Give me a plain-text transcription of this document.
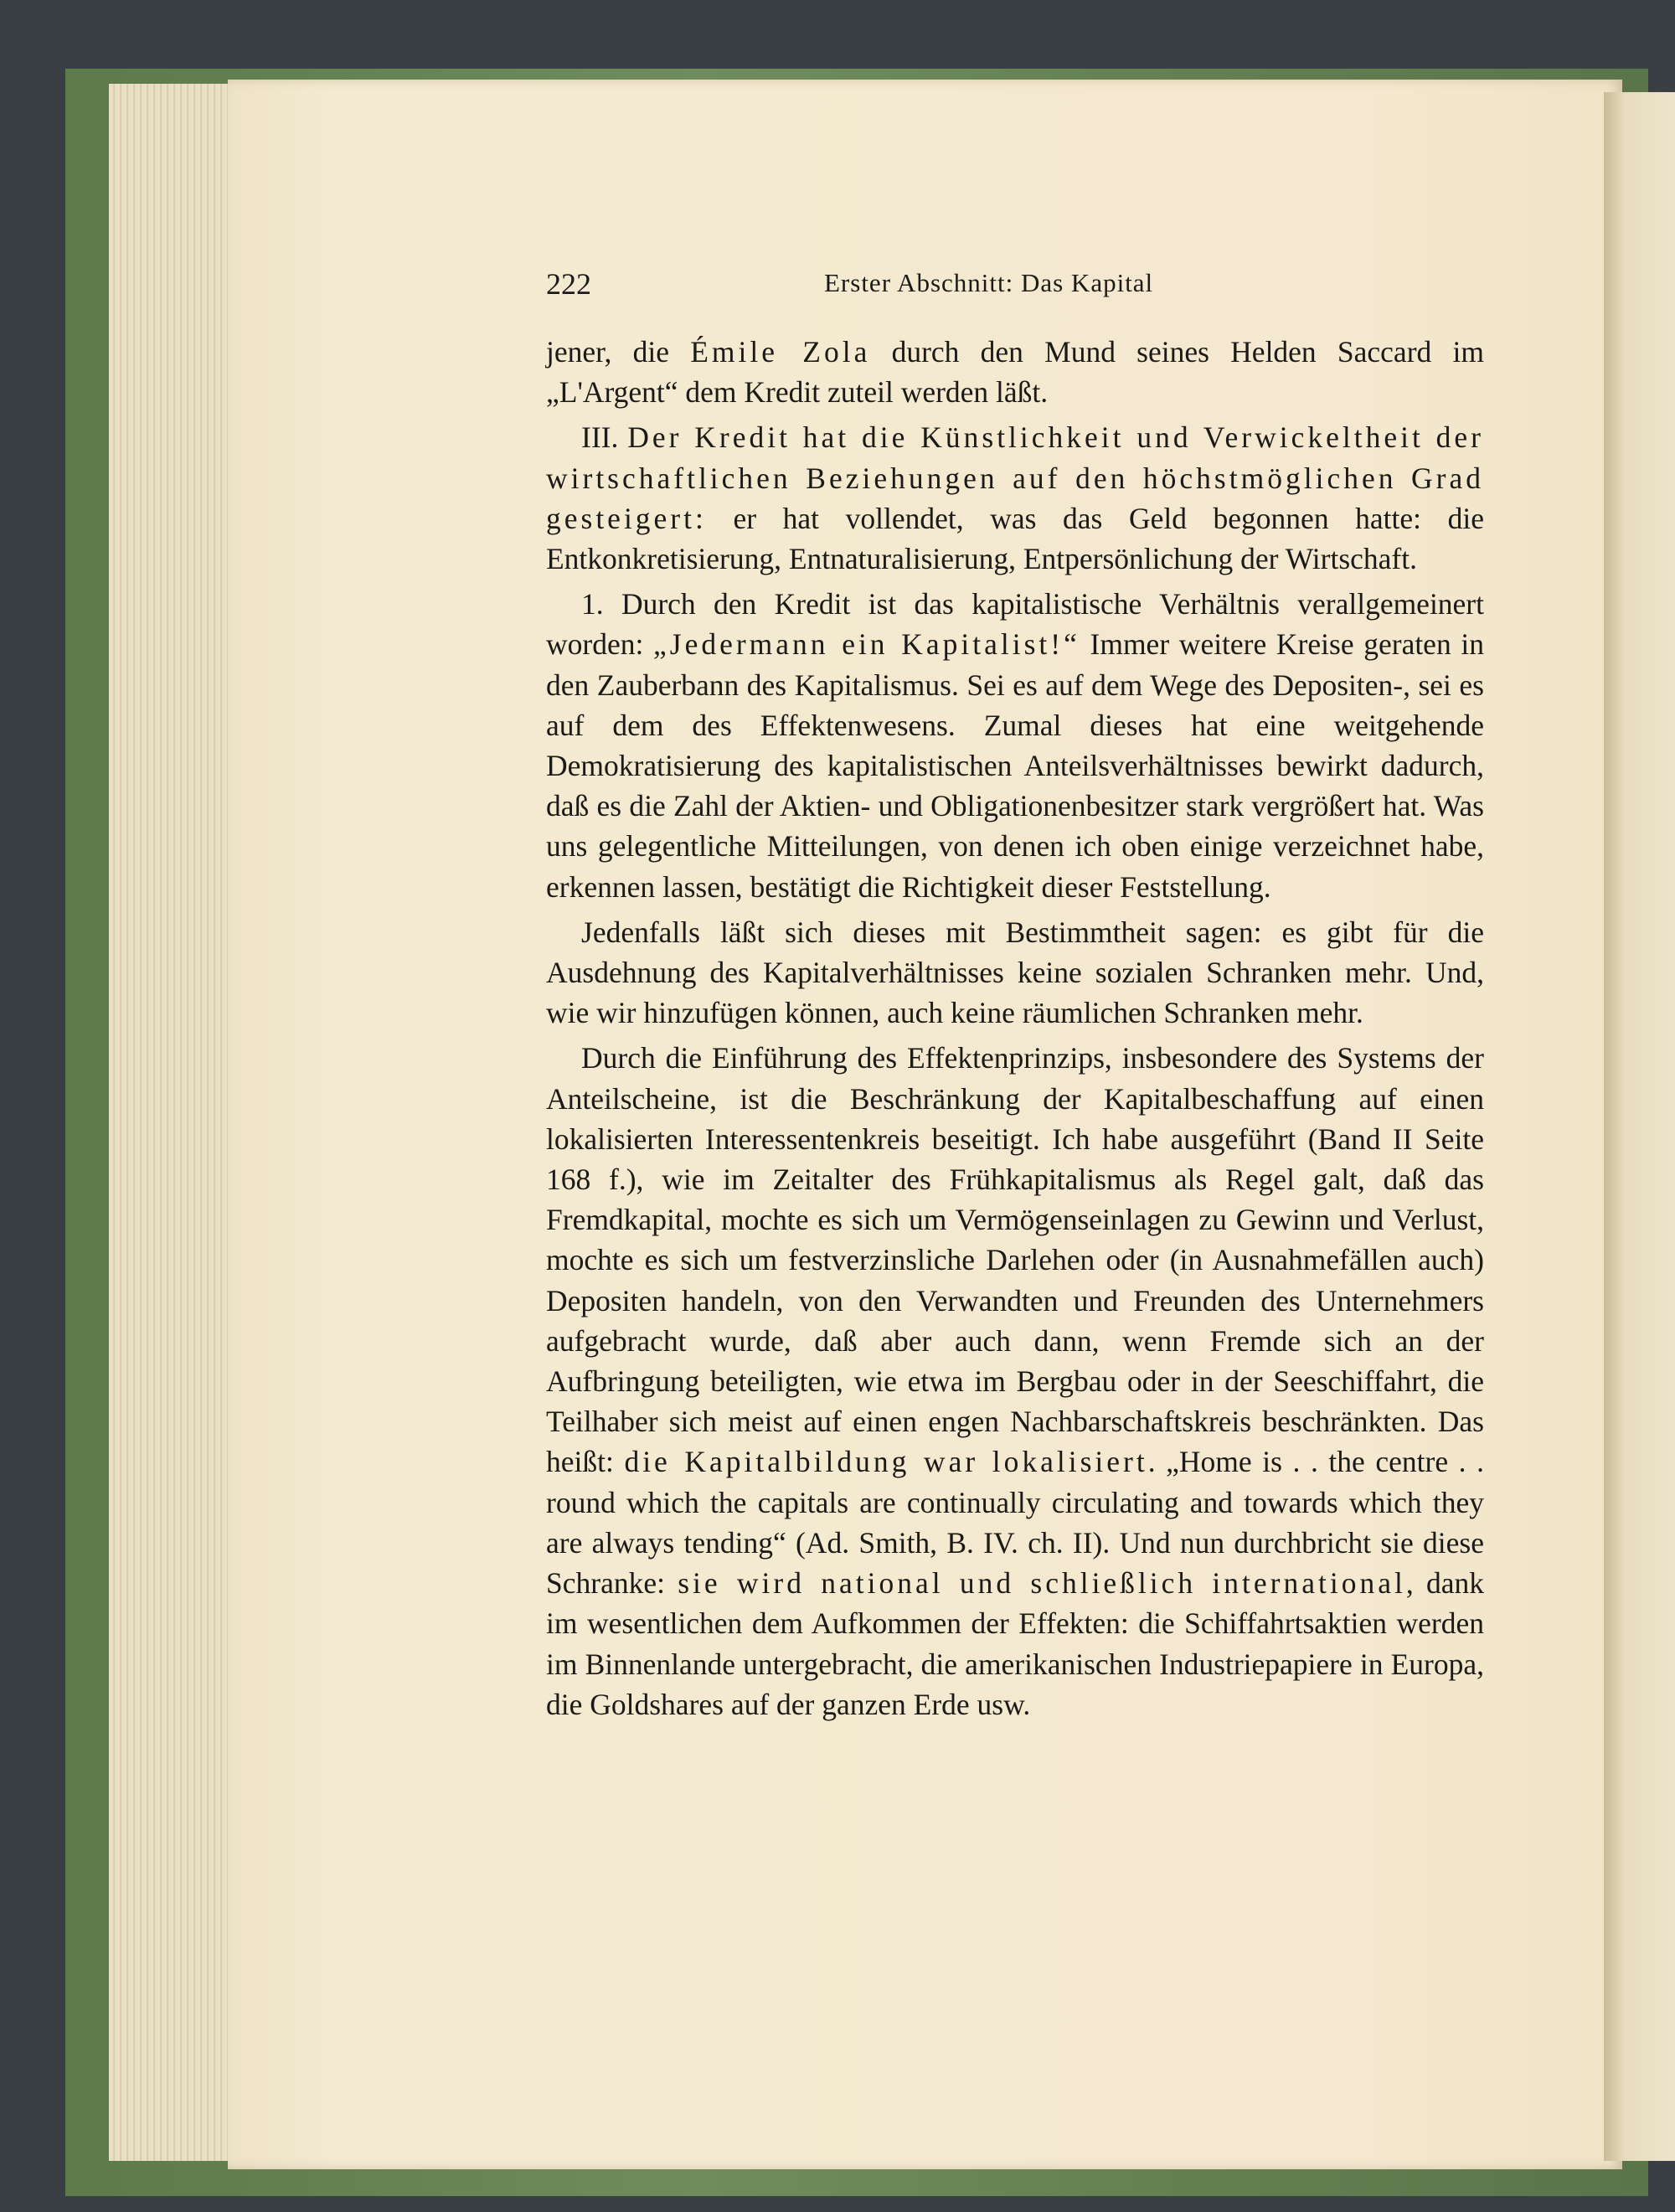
222	Erster Abschnitt: Das Kapital

jener, die Émile Zola durch den Mund seines Helden Saccard im „L'Argent“ dem Kredit zuteil werden läßt.

III. Der Kredit hat die Künstlichkeit und Verwickeltheit der wirtschaftlichen Beziehungen auf den höchstmöglichen Grad gesteigert: er hat vollendet, was das Geld begonnen hatte: die Entkonkretisierung, Entnaturalisierung, Entpersönlichung der Wirtschaft.

1. Durch den Kredit ist das kapitalistische Verhältnis verallgemeinert worden: „Jedermann ein Kapitalist!“ Immer weitere Kreise geraten in den Zauberbann des Kapitalismus. Sei es auf dem Wege des Depositen-, sei es auf dem des Effektenwesens. Zumal dieses hat eine weitgehende Demokratisierung des kapitalistischen Anteilsverhältnisses bewirkt dadurch, daß es die Zahl der Aktien- und Obligationenbesitzer stark vergrößert hat. Was uns gelegentliche Mitteilungen, von denen ich oben einige verzeichnet habe, erkennen lassen, bestätigt die Richtigkeit dieser Feststellung.

Jedenfalls läßt sich dieses mit Bestimmtheit sagen: es gibt für die Ausdehnung des Kapitalverhältnisses keine sozialen Schranken mehr. Und, wie wir hinzufügen können, auch keine räumlichen Schranken mehr.

Durch die Einführung des Effektenprinzips, insbesondere des Systems der Anteilscheine, ist die Beschränkung der Kapitalbeschaffung auf einen lokalisierten Interessentenkreis beseitigt. Ich habe ausgeführt (Band II Seite 168 f.), wie im Zeitalter des Frühkapitalismus als Regel galt, daß das Fremdkapital, mochte es sich um Vermögenseinlagen zu Gewinn und Verlust, mochte es sich um festverzinsliche Darlehen oder (in Ausnahmefällen auch) Depositen handeln, von den Verwandten und Freunden des Unternehmers aufgebracht wurde, daß aber auch dann, wenn Fremde sich an der Aufbringung beteiligten, wie etwa im Bergbau oder in der Seeschiffahrt, die Teilhaber sich meist auf einen engen Nachbarschaftskreis beschränkten. Das heißt: die Kapitalbildung war lokalisiert. „Home is . . the centre . . round which the capitals are continually circulating and towards which they are always tending“ (Ad. Smith, B. IV. ch. II). Und nun durchbricht sie diese Schranke: sie wird national und schließlich international, dank im wesentlichen dem Aufkommen der Effekten: die Schiffahrtsaktien werden im Binnenlande untergebracht, die amerikanischen Industriepapiere in Europa, die Goldshares auf der ganzen Erde usw.
